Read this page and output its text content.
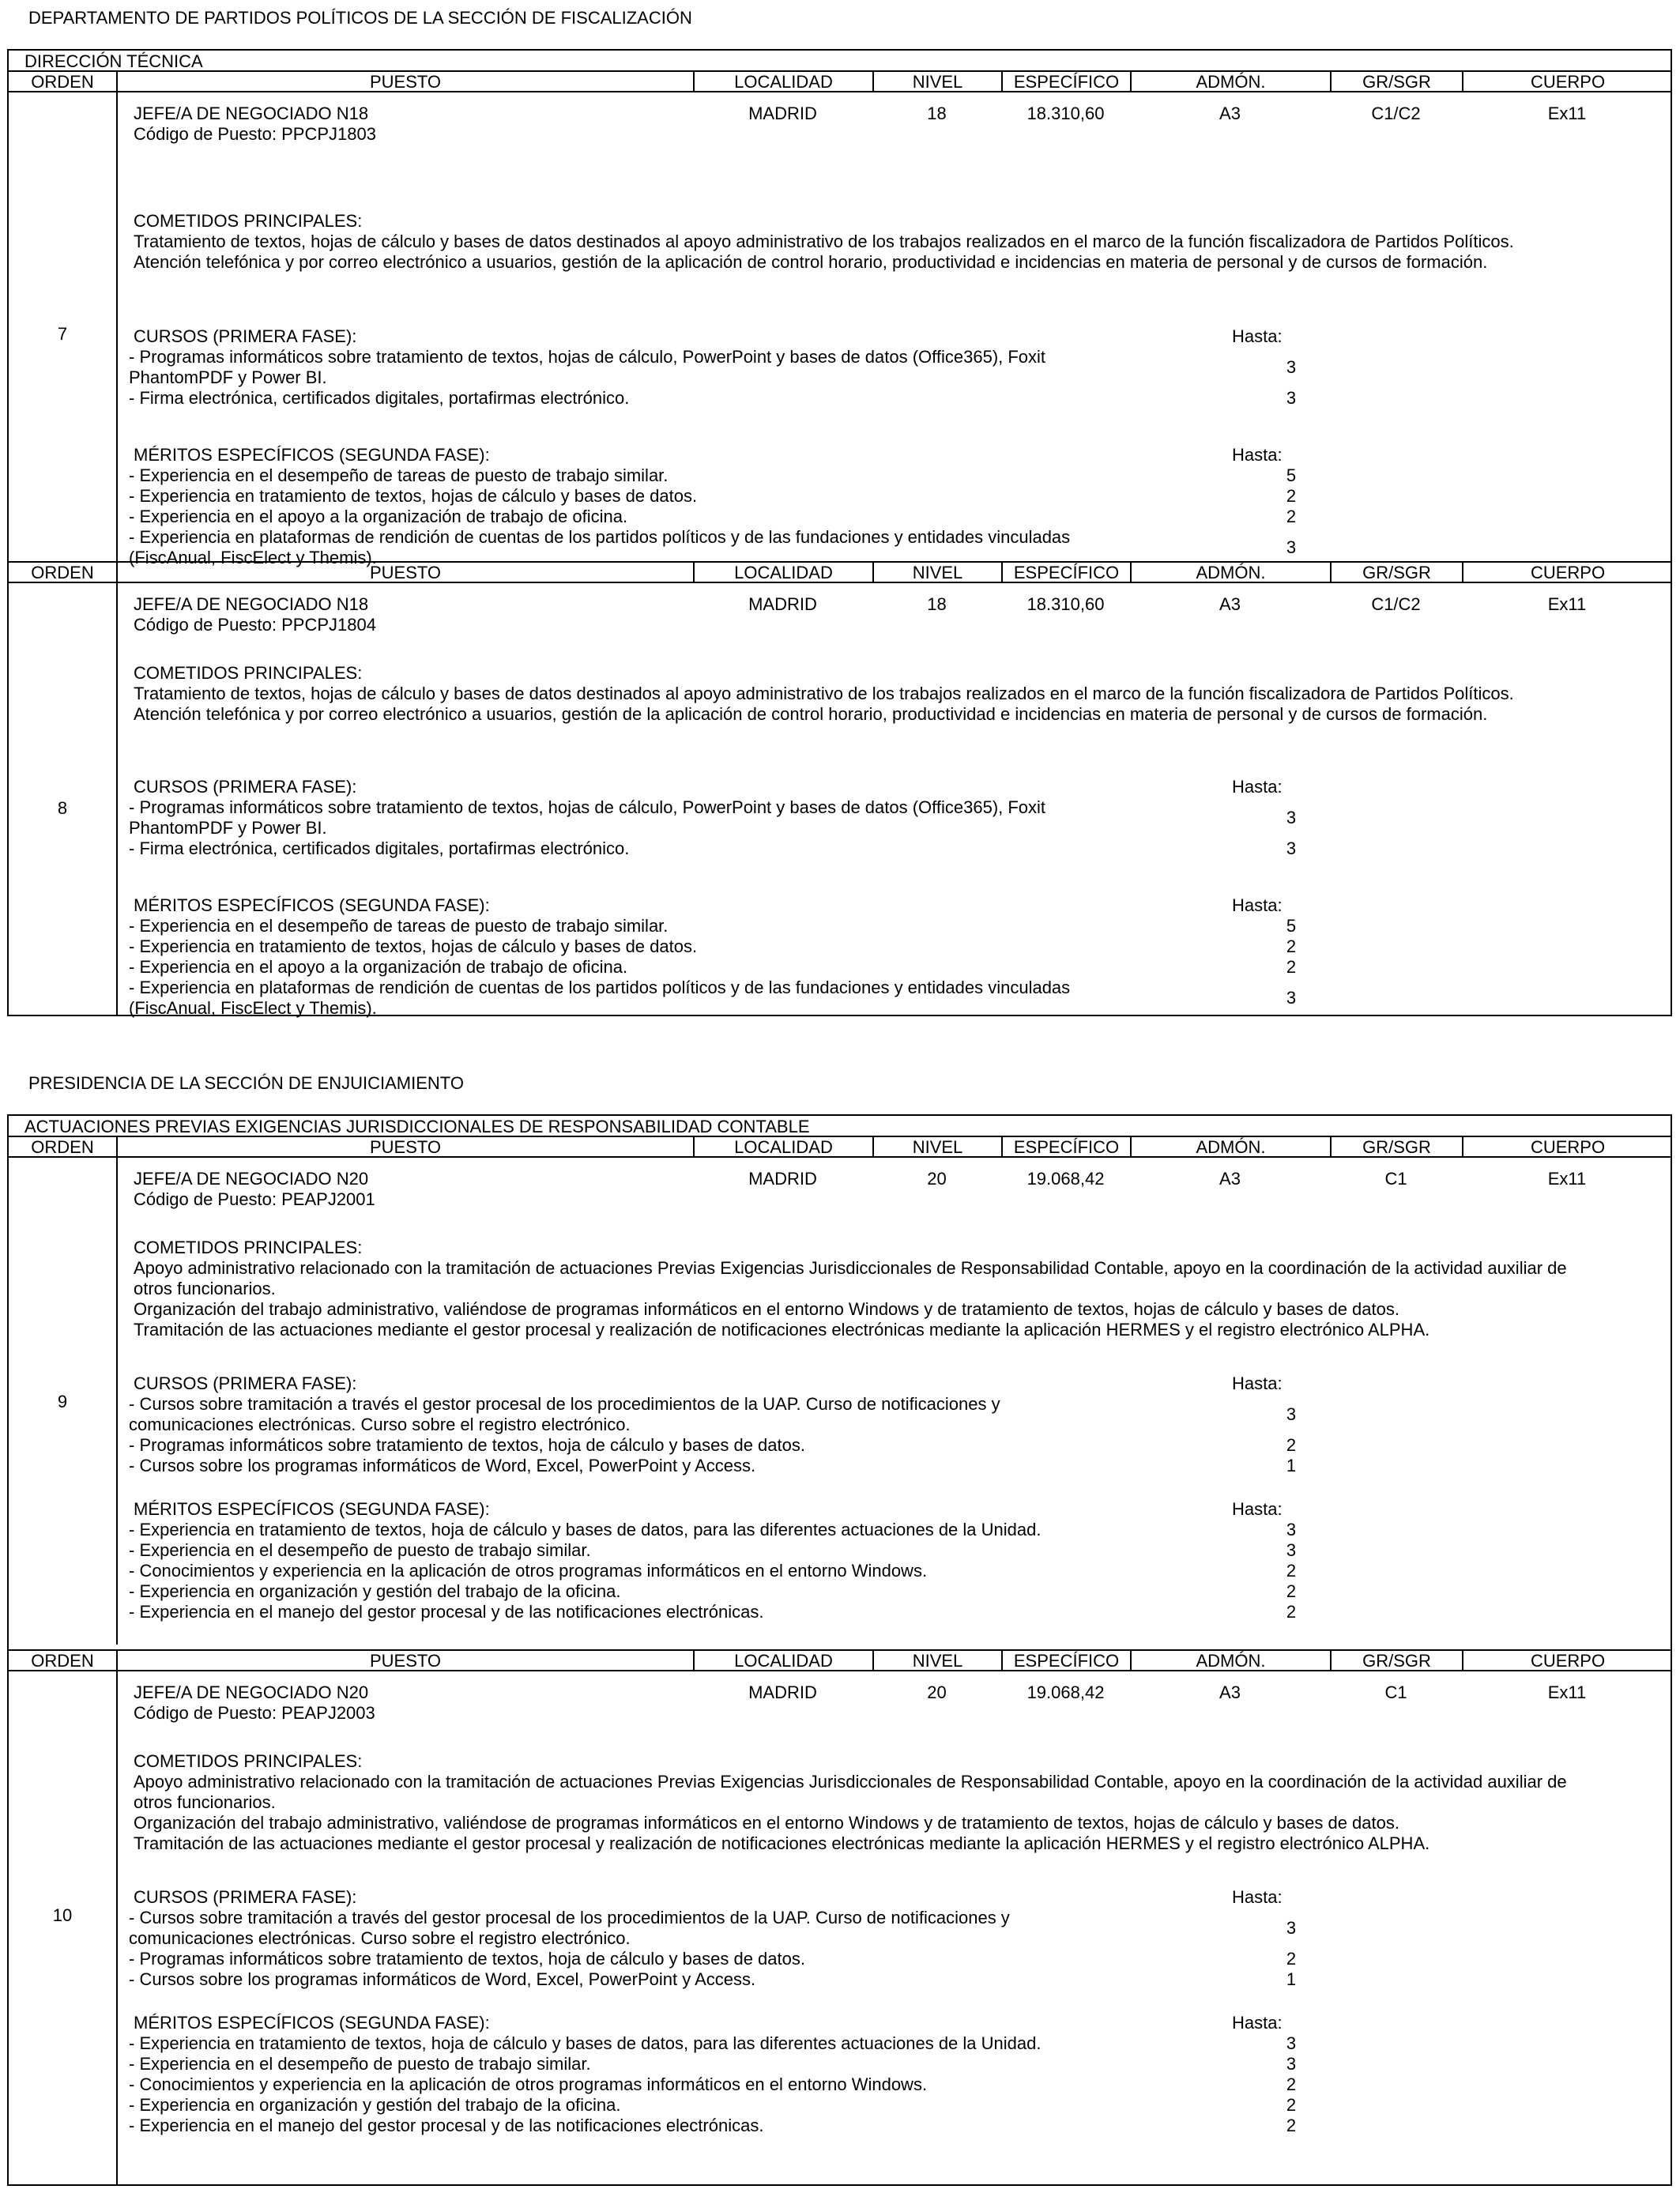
DEPARTAMENTO DE PARTIDOS POLÍTICOS DE LA SECCIÓN DE FISCALIZACIÓN
DIRECCIÓN TÉCNICA
ORDEN	PUESTO	LOCALIDAD	NIVEL	ESPECÍFICO	ADMÓN.	GR/SGR	CUERPO
7
JEFE/A DE NEGOCIADO N18
Código de Puesto: PPCPJ1803
MADRID	18	18.310,60	A3	C1/C2	Ex11
COMETIDOS PRINCIPALES:
Tratamiento de textos, hojas de cálculo y bases de datos destinados al apoyo administrativo de los trabajos realizados en el marco de la función fiscalizadora de Partidos Políticos.
Atención telefónica y por correo electrónico a usuarios, gestión de la aplicación de control horario, productividad e incidencias en materia de personal y de cursos de formación.
CURSOS (PRIMERA FASE):	Hasta:
- Programas informáticos sobre tratamiento de textos, hojas de cálculo, PowerPoint y bases de datos (Office365), Foxit
PhantomPDF y Power BI.
3
- Firma electrónica, certificados digitales, portafirmas electrónico.	3
MÉRITOS ESPECÍFICOS (SEGUNDA FASE):	Hasta:
- Experiencia en el desempeño de tareas de puesto de trabajo similar.	5
- Experiencia en tratamiento de textos, hojas de cálculo y bases de datos.	2
- Experiencia en el apoyo a la organización de trabajo de oficina.	2
- Experiencia en plataformas de rendición de cuentas de los partidos políticos y de las fundaciones y entidades vinculadas
(FiscAnual, FiscElect y Themis).
3
ORDEN	PUESTO	LOCALIDAD	NIVEL	ESPECÍFICO	ADMÓN.	GR/SGR	CUERPO
8
JEFE/A DE NEGOCIADO N18
Código de Puesto: PPCPJ1804
MADRID	18	18.310,60	A3	C1/C2	Ex11
COMETIDOS PRINCIPALES:
Tratamiento de textos, hojas de cálculo y bases de datos destinados al apoyo administrativo de los trabajos realizados en el marco de la función fiscalizadora de Partidos Políticos.
Atención telefónica y por correo electrónico a usuarios, gestión de la aplicación de control horario, productividad e incidencias en materia de personal y de cursos de formación.
CURSOS (PRIMERA FASE):	Hasta:
- Programas informáticos sobre tratamiento de textos, hojas de cálculo, PowerPoint y bases de datos (Office365), Foxit
PhantomPDF y Power BI.
3
- Firma electrónica, certificados digitales, portafirmas electrónico.	3
MÉRITOS ESPECÍFICOS (SEGUNDA FASE):	Hasta:
- Experiencia en el desempeño de tareas de puesto de trabajo similar.	5
- Experiencia en tratamiento de textos, hojas de cálculo y bases de datos.	2
- Experiencia en el apoyo a la organización de trabajo de oficina.	2
- Experiencia en plataformas de rendición de cuentas de los partidos políticos y de las fundaciones y entidades vinculadas
(FiscAnual, FiscElect y Themis).
3
PRESIDENCIA DE LA SECCIÓN DE ENJUICIAMIENTO
ACTUACIONES PREVIAS EXIGENCIAS JURISDICCIONALES DE RESPONSABILIDAD CONTABLE
ORDEN	PUESTO	LOCALIDAD	NIVEL	ESPECÍFICO	ADMÓN.	GR/SGR	CUERPO
9
JEFE/A DE NEGOCIADO N20
Código de Puesto: PEAPJ2001
MADRID	20	19.068,42	A3	C1	Ex11
COMETIDOS PRINCIPALES:
Apoyo administrativo relacionado con la tramitación de actuaciones Previas Exigencias Jurisdiccionales de Responsabilidad Contable, apoyo en la coordinación de la actividad auxiliar de
otros funcionarios.
Organización del trabajo administrativo, valiéndose de programas informáticos en el entorno Windows y de tratamiento de textos, hojas de cálculo y bases de datos.
Tramitación de las actuaciones mediante el gestor procesal y realización de notificaciones electrónicas mediante la aplicación HERMES y el registro electrónico ALPHA.
CURSOS (PRIMERA FASE):	Hasta:
- Cursos sobre tramitación a través el gestor procesal de los procedimientos de la UAP. Curso de notificaciones y
comunicaciones electrónicas. Curso sobre el registro electrónico.
3
- Programas informáticos sobre tratamiento de textos, hoja de cálculo y bases de datos.	2
- Cursos sobre los programas informáticos de Word, Excel, PowerPoint y Access.	1
MÉRITOS ESPECÍFICOS (SEGUNDA FASE):	Hasta:
- Experiencia en tratamiento de textos, hoja de cálculo y bases de datos, para las diferentes actuaciones de la Unidad.	3
- Experiencia en el desempeño de puesto de trabajo similar.	3
- Conocimientos y experiencia en la aplicación de otros programas informáticos en el entorno Windows.	2
- Experiencia en organización y gestión del trabajo de la oficina.	2
- Experiencia en el manejo del gestor procesal y de las notificaciones electrónicas.	2
ORDEN	PUESTO	LOCALIDAD	NIVEL	ESPECÍFICO	ADMÓN.	GR/SGR	CUERPO
10
JEFE/A DE NEGOCIADO N20
Código de Puesto: PEAPJ2003
MADRID	20	19.068,42	A3	C1	Ex11
COMETIDOS PRINCIPALES:
Apoyo administrativo relacionado con la tramitación de actuaciones Previas Exigencias Jurisdiccionales de Responsabilidad Contable, apoyo en la coordinación de la actividad auxiliar de
otros funcionarios.
Organización del trabajo administrativo, valiéndose de programas informáticos en el entorno Windows y de tratamiento de textos, hojas de cálculo y bases de datos.
Tramitación de las actuaciones mediante el gestor procesal y realización de notificaciones electrónicas mediante la aplicación HERMES y el registro electrónico ALPHA.
CURSOS (PRIMERA FASE):	Hasta:
- Cursos sobre tramitación a través del gestor procesal de los procedimientos de la UAP. Curso de notificaciones y
comunicaciones electrónicas. Curso sobre el registro electrónico.
3
- Programas informáticos sobre tratamiento de textos, hoja de cálculo y bases de datos.	2
- Cursos sobre los programas informáticos de Word, Excel, PowerPoint y Access.	1
MÉRITOS ESPECÍFICOS (SEGUNDA FASE):	Hasta:
- Experiencia en tratamiento de textos, hoja de cálculo y bases de datos, para las diferentes actuaciones de la Unidad.	3
- Experiencia en el desempeño de puesto de trabajo similar.	3
- Conocimientos y experiencia en la aplicación de otros programas informáticos en el entorno Windows.	2
- Experiencia en organización y gestión del trabajo de la oficina.	2
- Experiencia en el manejo del gestor procesal y de las notificaciones electrónicas.	2
